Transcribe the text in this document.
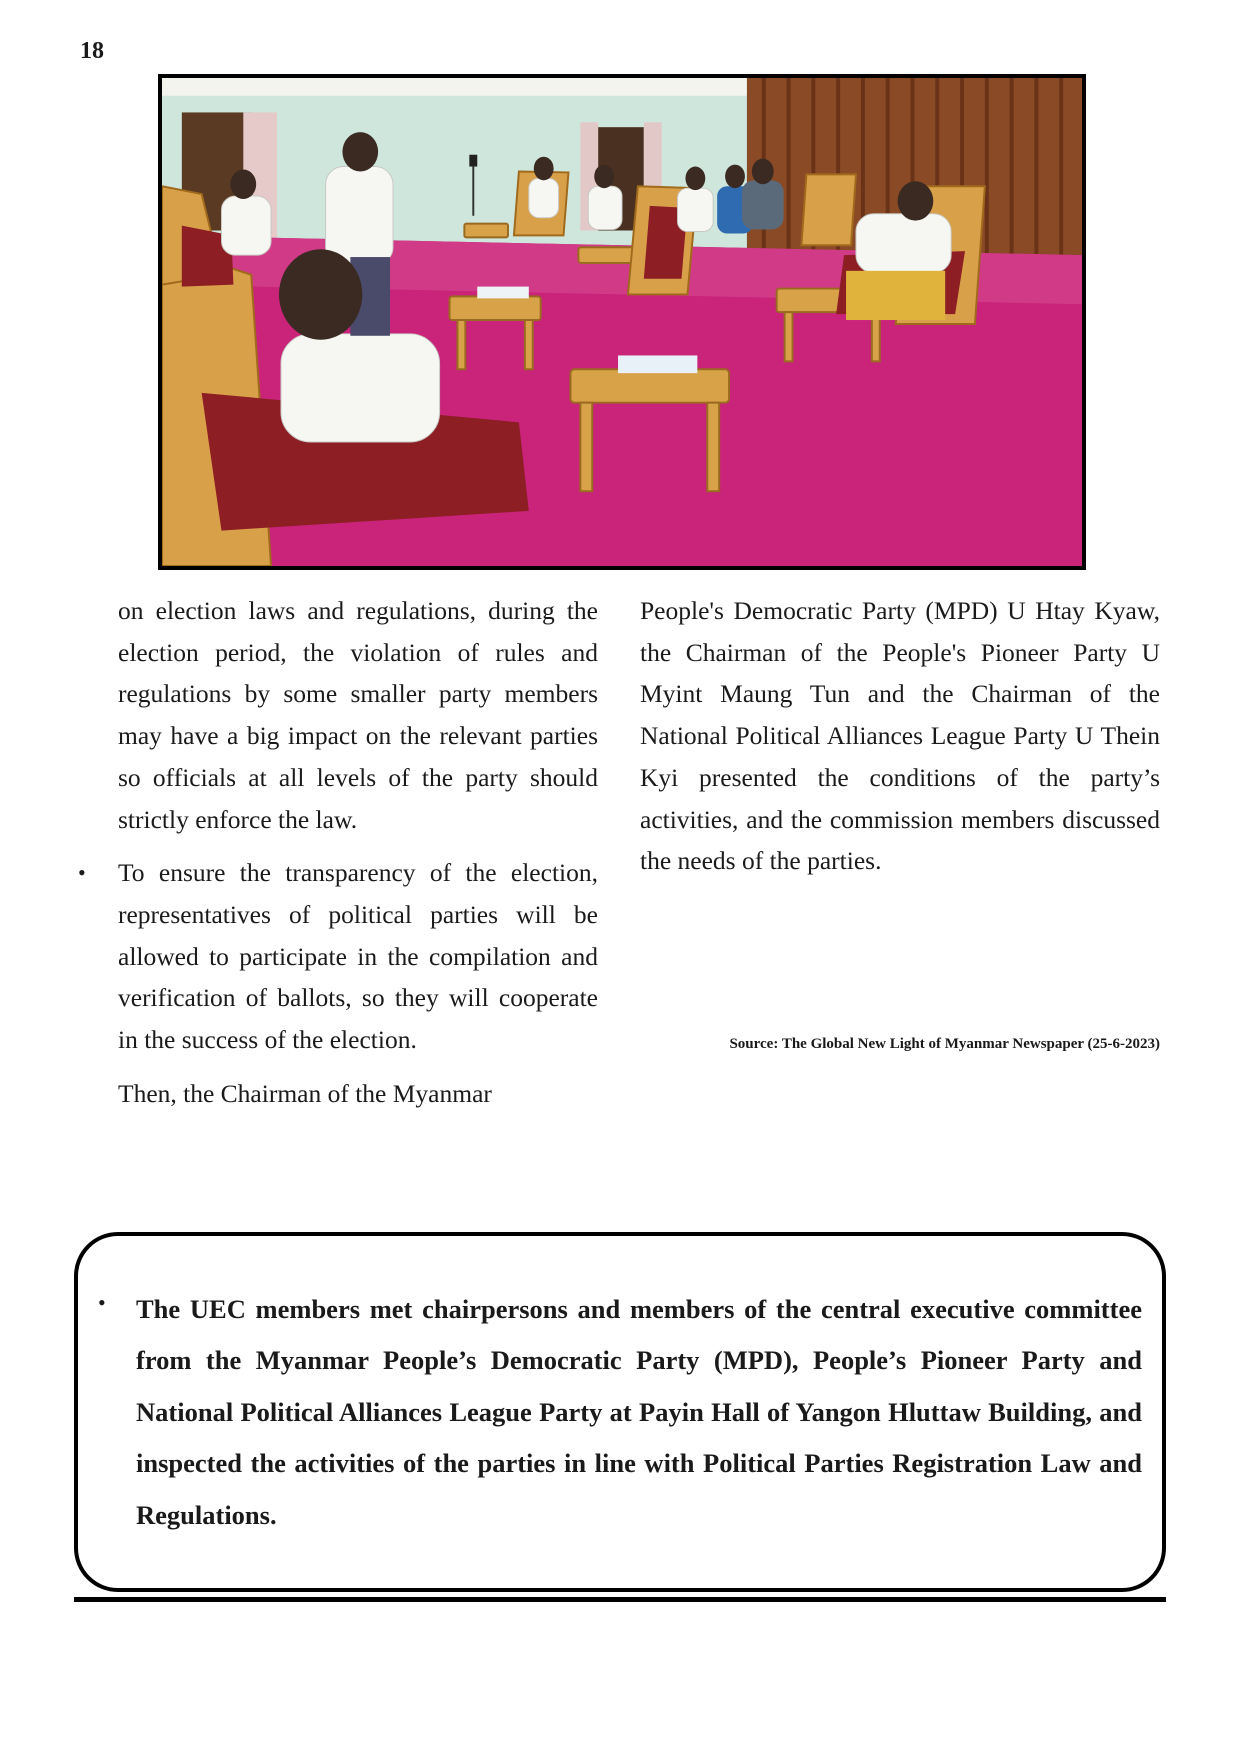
18

on election laws and regulations, during the election period, the violation of rules and regulations by some smaller party members may have a big impact on the relevant parties so officials at all levels of the party should strictly enforce the law.

• To ensure the transparency of the election, representatives of political parties will be allowed to participate in the compilation and verification of ballots, so they will cooperate in the success of the election.

Then, the Chairman of the Myanmar

People's Democratic Party (MPD) U Htay Kyaw, the Chairman of the People's Pioneer Party U Myint Maung Tun and the Chairman of the National Political Alliances League Party U Thein Kyi presented the conditions of the party’s activities, and the commission members discussed the needs of the parties.

Source: The Global New Light of Myanmar Newspaper (25-6-2023)
• The UEC members met chairpersons and members of the central executive committee from the Myanmar People’s Democratic Party (MPD), People’s Pioneer Party and National Political Alliances League Party at Payin Hall of Yangon Hluttaw Building, and inspected the activities of the parties in line with Political Parties Registration Law and Regulations.
